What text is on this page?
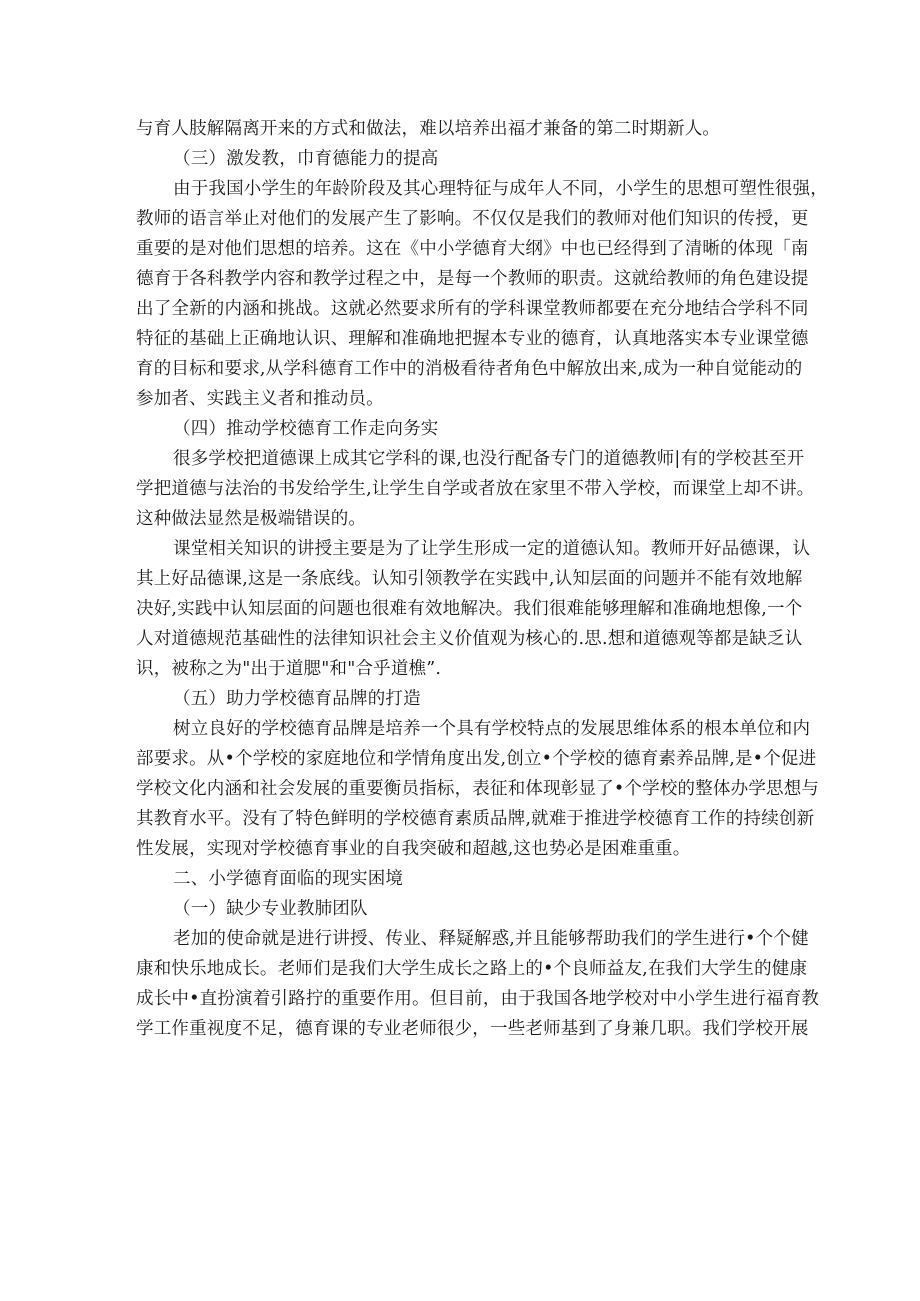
与育人肢解隔离开来的方式和做法，难以培养出福才兼备的第二时期新人。
（三）激发教，巾育德能力的提高
由于我国小学生的年龄阶段及其心理特征与成年人不同，小学生的思想可塑性很强，
教师的语言举止对他们的发展产生了影响。不仅仅是我们的教师对他们知识的传授，更
重要的是对他们思想的培养。这在《中小学德育大纲》中也已经得到了清晰的体现「南
德育于各科教学内容和教学过程之中，是每一个教师的职责。这就给教师的角色建设提
出了全新的内涵和挑战。这就必然要求所有的学科课堂教师都要在充分地结合学科不同
特征的基础上正确地认识、理解和准确地把握本专业的德育，认真地落实本专业课堂德
育的目标和要求,从学科德育工作中的消极看待者角色中解放出来,成为一种自觉能动的
参加者、实践主义者和推动员。
（四）推动学校德育工作走向务实
很多学校把道德课上成其它学科的课,也没行配备专门的道德教师|有的学校甚至开
学把道德与法治的书发给学生,让学生自学或者放在家里不带入学校，而课堂上却不讲。
这种做法显然是极端错误的。
课堂相关知识的讲授主要是为了让学生形成一定的道德认知。教师开好品德课，认
其上好品德课,这是一条底线。认知引领教学在实践中,认知层面的问题并不能有效地解
决好,实践中认知层面的问题也很难有效地解决。我们很难能够理解和准确地想像,一个
人对道德规范基础性的法律知识社会主义价值观为核心的.思.想和道德观等都是缺乏认
识，被称之为"出于道腮"和"合乎道樵”.
（五）助力学校德育品牌的打造
树立良好的学校德育品牌是培养一个具有学校特点的发展思维体系的根本单位和内
部要求。从•个学校的家庭地位和学情角度出发,创立•个学校的德育素养品牌,是•个促进
学校文化内涵和社会发展的重要衡员指标，表征和体现彰显了•个学校的整体办学思想与
其教育水平。没有了特色鲜明的学校德育素质品牌,就难于推进学校德育工作的持续创新
性发展，实现对学校德育事业的自我突破和超越,这也势必是困难重重。
二、小学德育面临的现实困境
（一）缺少专业教肺团队
老加的使命就是进行讲授、传业、释疑解惑,并且能够帮助我们的学生进行•个个健
康和快乐地成长。老师们是我们大学生成长之路上的•个良师益友,在我们大学生的健康
成长中•直扮演着引路拧的重要作用。但目前，由于我国各地学校对中小学生进行福育教
学工作重视度不足，德育课的专业老师很少，一些老师基到了身兼几职。我们学校开展
